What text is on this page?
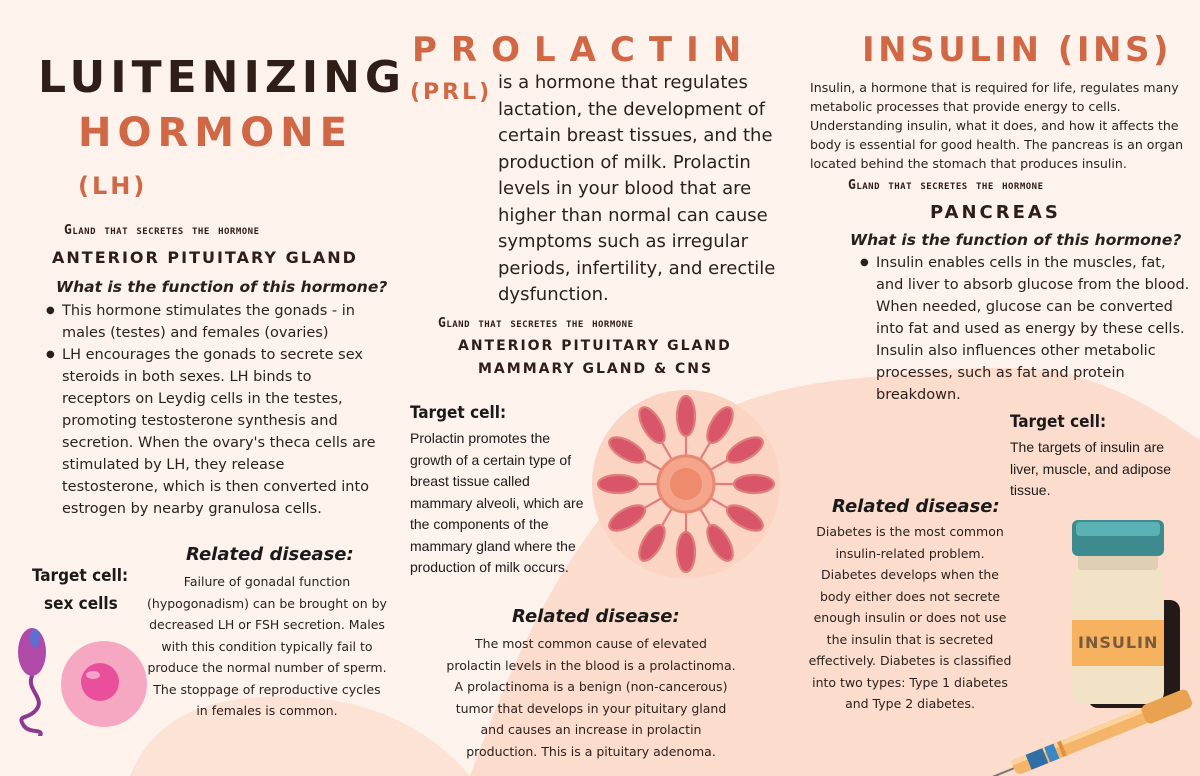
LUITENIZING
HORMONE
(LH)
Gland that secretes the hormone
ANTERIOR PITUITARY GLAND
What is the function of this hormone?
● This hormone stimulates the gonads - in males (testes) and females (ovaries)
● LH encourages the gonads to secrete sex steroids in both sexes. LH binds to receptors on Leydig cells in the testes, promoting testosterone synthesis and secretion. When the ovary's theca cells are stimulated by LH, they release testosterone, which is then converted into estrogen by nearby granulosa cells.
Target cell:
sex cells
Related disease:
Failure of gonadal function (hypogonadism) can be brought on by decreased LH or FSH secretion. Males with this condition typically fail to produce the normal number of sperm. The stoppage of reproductive cycles in females is common.
PROLACTIN
(PRL) is a hormone that regulates lactation, the development of certain breast tissues, and the production of milk. Prolactin levels in your blood that are higher than normal can cause symptoms such as irregular periods, infertility, and erectile dysfunction.
Gland that secretes the hormone
ANTERIOR PITUITARY GLAND
MAMMARY GLAND & CNS
Target cell:
Prolactin promotes the growth of a certain type of breast tissue called mammary alveoli, which are the components of the mammary gland where the production of milk occurs.
Related disease:
The most common cause of elevated prolactin levels in the blood is a prolactinoma. A prolactinoma is a benign (non-cancerous) tumor that develops in your pituitary gland and causes an increase in prolactin production. This is a pituitary adenoma.
INSULIN (INS)
Insulin, a hormone that is required for life, regulates many metabolic processes that provide energy to cells. Understanding insulin, what it does, and how it affects the body is essential for good health. The pancreas is an organ located behind the stomach that produces insulin.
Gland that secretes the hormone
PANCREAS
What is the function of this hormone?
● Insulin enables cells in the muscles, fat, and liver to absorb glucose from the blood. When needed, glucose can be converted into fat and used as energy by these cells. Insulin also influences other metabolic processes, such as fat and protein breakdown.
Target cell:
The targets of insulin are liver, muscle, and adipose tissue.
Related disease:
Diabetes is the most common insulin-related problem. Diabetes develops when the body either does not secrete enough insulin or does not use the insulin that is secreted effectively. Diabetes is classified into two types: Type 1 diabetes and Type 2 diabetes.
INSULIN
